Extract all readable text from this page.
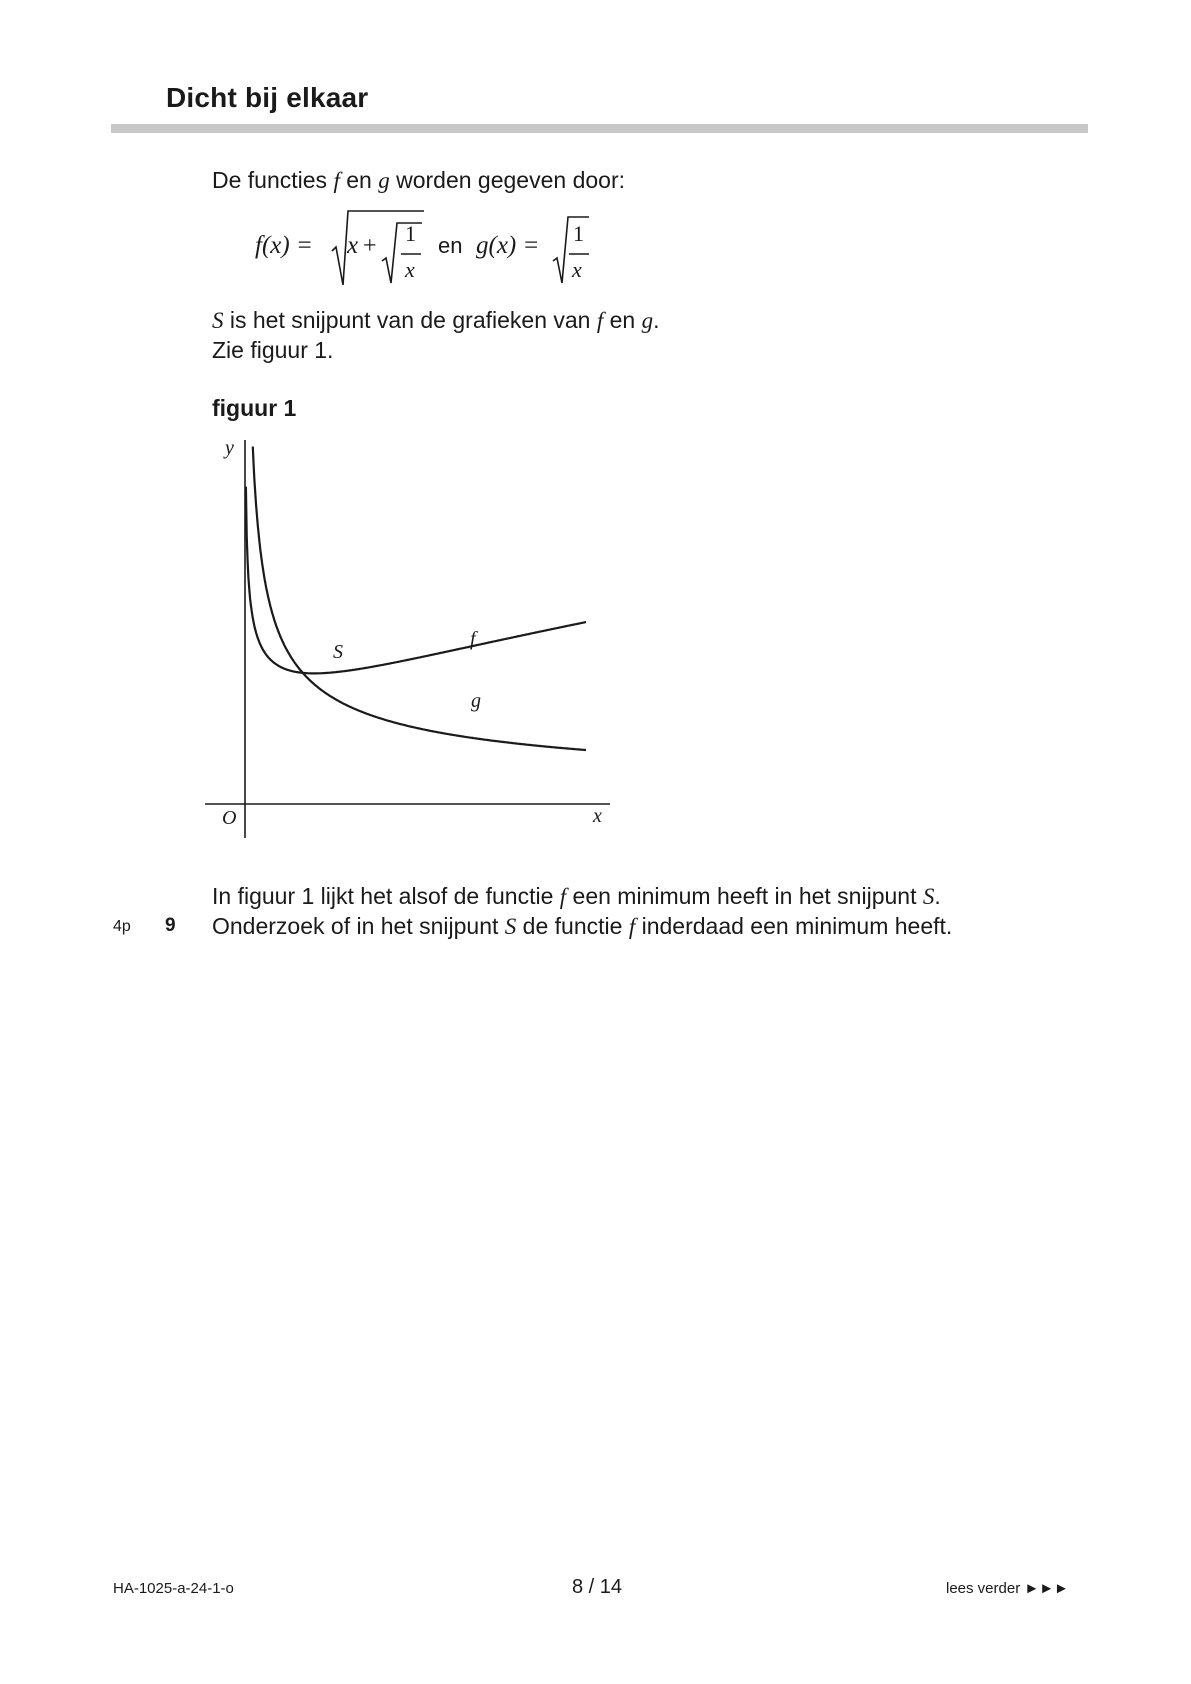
Dicht bij elkaar
De functies f en g worden gegeven door:
f(x) = x + 1
x
en g(x) = 1
x
S is het snijpunt van de grafieken van f en g.
Zie figuur 1.
figuur 1
y
x
O
S
f
g
In figuur 1 lijkt het alsof de functie f een minimum heeft in het snijpunt S.
4p 9 Onderzoek of in het snijpunt S de functie f inderdaad een minimum heeft.
HA-1025-a-24-1-o	8 / 14	lees verder ►►►
